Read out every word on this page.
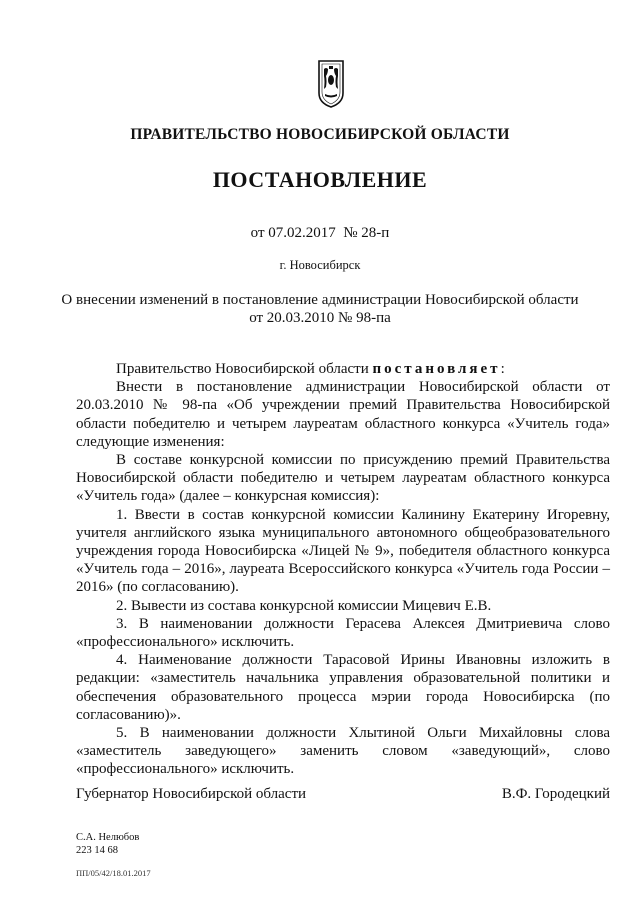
ПРАВИТЕЛЬСТВО НОВОСИБИРСКОЙ ОБЛАСТИ
ПОСТАНОВЛЕНИЕ
от 07.02.2017  № 28-п
г. Новосибирск
О внесении изменений в постановление администрации Новосибирской области
от 20.03.2010 № 98-па

Правительство Новосибирской области постановляет:

Внести в постановление администрации Новосибирской области от 20.03.2010 № 98-па «Об учреждении премий Правительства Новосибирской области победителю и четырем лауреатам областного конкурса «Учитель года» следующие изменения:

В составе конкурсной комиссии по присуждению премий Правительства Новосибирской области победителю и четырем лауреатам областного конкурса «Учитель года» (далее – конкурсная комиссия):

1. Ввести в состав конкурсной комиссии Калинину Екатерину Игоревну, учителя английского языка муниципального автономного общеобразовательного учреждения города Новосибирска «Лицей № 9», победителя областного конкурса «Учитель года – 2016», лауреата Всероссийского конкурса «Учитель года России – 2016» (по согласованию).

2. Вывести из состава конкурсной комиссии Мицевич Е.В.

3. В наименовании должности Герасева Алексея Дмитриевича слово «профессионального» исключить.

4. Наименование должности Тарасовой Ирины Ивановны изложить в редакции: «заместитель начальника управления образовательной политики и обеспечения образовательного процесса мэрии города Новосибирска (по согласованию)».

5. В наименовании должности Хлытиной Ольги Михайловны слова «заместитель заведующего» заменить словом «заведующий», слово «профессионального» исключить.

Губернатор Новосибирской области	В.Ф. Городецкий
С.А. Нелюбов
223 14 68
ПП/05/42/18.01.2017
